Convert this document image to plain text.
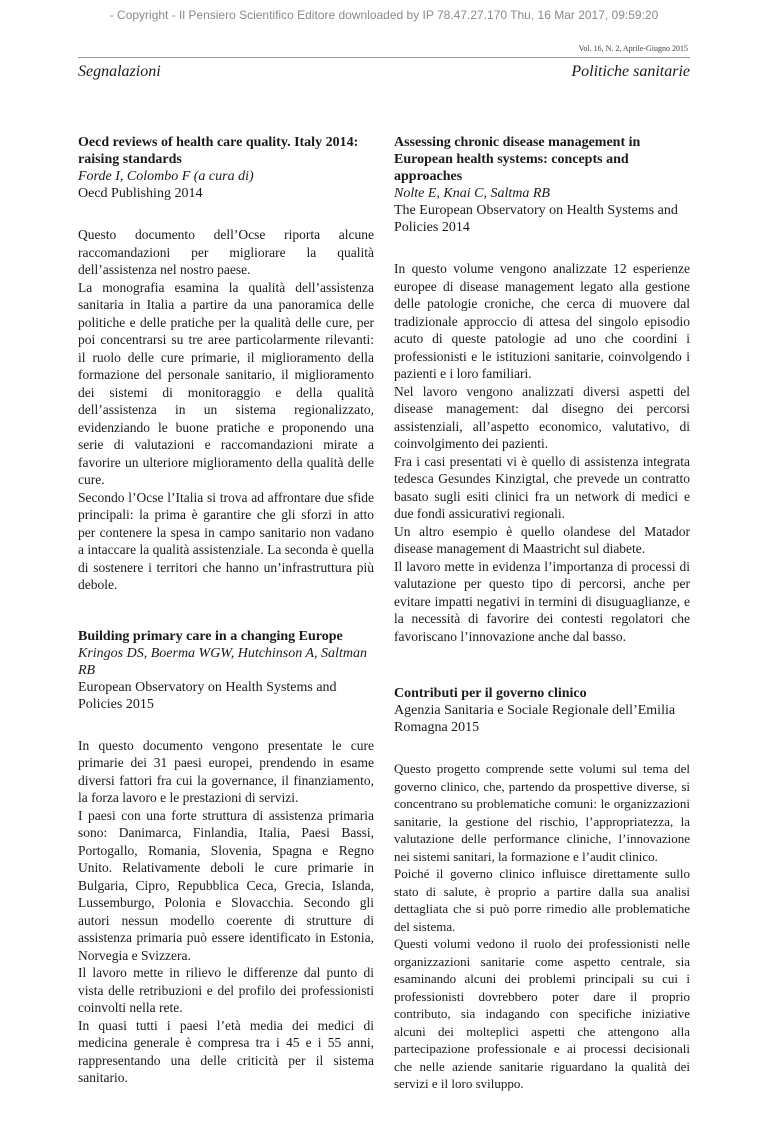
- Copyright - Il Pensiero Scientifico Editore downloaded by IP 78.47.27.170 Thu, 16 Mar 2017, 09:59:20
Vol. 16, N. 2, Aprile-Giugno 2015
Segnalazioni	Politiche sanitarie
Oecd reviews of health care quality. Italy 2014: raising standards
Forde I, Colombo F (a cura di)
Oecd Publishing 2014

Questo documento dell’Ocse riporta alcune raccomandazioni per migliorare la qualità dell’assistenza nel nostro paese.

La monografia esamina la qualità dell’assistenza sanitaria in Italia a partire da una panoramica delle politiche e delle pratiche per la qualità delle cure, per poi concentrarsi su tre aree particolarmente rilevanti: il ruolo delle cure primarie, il miglioramento della formazione del personale sanitario, il miglioramento dei sistemi di monitoraggio e della qualità dell’assistenza in un sistema regionalizzato, evidenziando le buone pratiche e proponendo una serie di valutazioni e raccomandazioni mirate a favorire un ulteriore miglioramento della qualità delle cure.

Secondo l’Ocse l’Italia si trova ad affrontare due sfide principali: la prima è garantire che gli sforzi in atto per contenere la spesa in campo sanitario non vadano a intaccare la qualità assistenziale. La seconda è quella di sostenere i territori che hanno un’infrastruttura più debole.

Building primary care in a changing Europe
Kringos DS, Boerma WGW, Hutchinson A, Saltman RB
European Observatory on Health Systems and Policies 2015

In questo documento vengono presentate le cure primarie dei 31 paesi europei, prendendo in esame diversi fattori fra cui la governance, il finanziamento, la forza lavoro e le prestazioni di servizi.

I paesi con una forte struttura di assistenza primaria sono: Danimarca, Finlandia, Italia, Paesi Bassi, Portogallo, Romania, Slovenia, Spagna e Regno Unito. Relativamente deboli le cure primarie in Bulgaria, Cipro, Repubblica Ceca, Grecia, Islanda, Lussemburgo, Polonia e Slovacchia. Secondo gli autori nessun modello coerente di strutture di assistenza primaria può essere identificato in Estonia, Norvegia e Svizzera.

Il lavoro mette in rilievo le differenze dal punto di vista delle retribuzioni e del profilo dei professionisti coinvolti nella rete.

In quasi tutti i paesi l’età media dei medici di medicina generale è compresa tra i 45 e i 55 anni, rappresentando una delle criticità per il sistema sanitario.

Assessing chronic disease management in European health systems: concepts and approaches
Nolte E, Knai C, Saltma RB
The European Observatory on Health Systems and Policies 2014

In questo volume vengono analizzate 12 esperienze europee di disease management legato alla gestione delle patologie croniche, che cerca di muovere dal tradizionale approccio di attesa del singolo episodio acuto di queste patologie ad uno che coordini i professionisti e le istituzioni sanitarie, coinvolgendo i pazienti e i loro familiari.

Nel lavoro vengono analizzati diversi aspetti del disease management: dal disegno dei percorsi assistenziali, all’aspetto economico, valutativo, di coinvolgimento dei pazienti.

Fra i casi presentati vi è quello di assistenza integrata tedesca Gesundes Kinzigtal, che prevede un contratto basato sugli esiti clinici fra un network di medici e due fondi assicurativi regionali.

Un altro esempio è quello olandese del Matador disease management di Maastricht sul diabete.

Il lavoro mette in evidenza l’importanza di processi di valutazione per questo tipo di percorsi, anche per evitare impatti negativi in termini di disuguaglianze, e la necessità di favorire dei contesti regolatori che favoriscano l’innovazione anche dal basso.

Contributi per il governo clinico
Agenzia Sanitaria e Sociale Regionale dell’Emilia Romagna 2015

Questo progetto comprende sette volumi sul tema del governo clinico, che, partendo da prospettive diverse, si concentrano su problematiche comuni: le organizzazioni sanitarie, la gestione del rischio, l’appropriatezza, la valutazione delle performance cliniche, l’innovazione nei sistemi sanitari, la formazione e l’audit clinico.

Poiché il governo clinico influisce direttamente sullo stato di salute, è proprio a partire dalla sua analisi dettagliata che si può porre rimedio alle problematiche del sistema.

Questi volumi vedono il ruolo dei professionisti nelle organizzazioni sanitarie come aspetto centrale, sia esaminando alcuni dei problemi principali su cui i professionisti dovrebbero poter dare il proprio contributo, sia indagando con specifiche iniziative alcuni dei molteplici aspetti che attengono alla partecipazione professionale e ai processi decisionali che nelle aziende sanitarie riguardano la qualità dei servizi e il loro sviluppo.
